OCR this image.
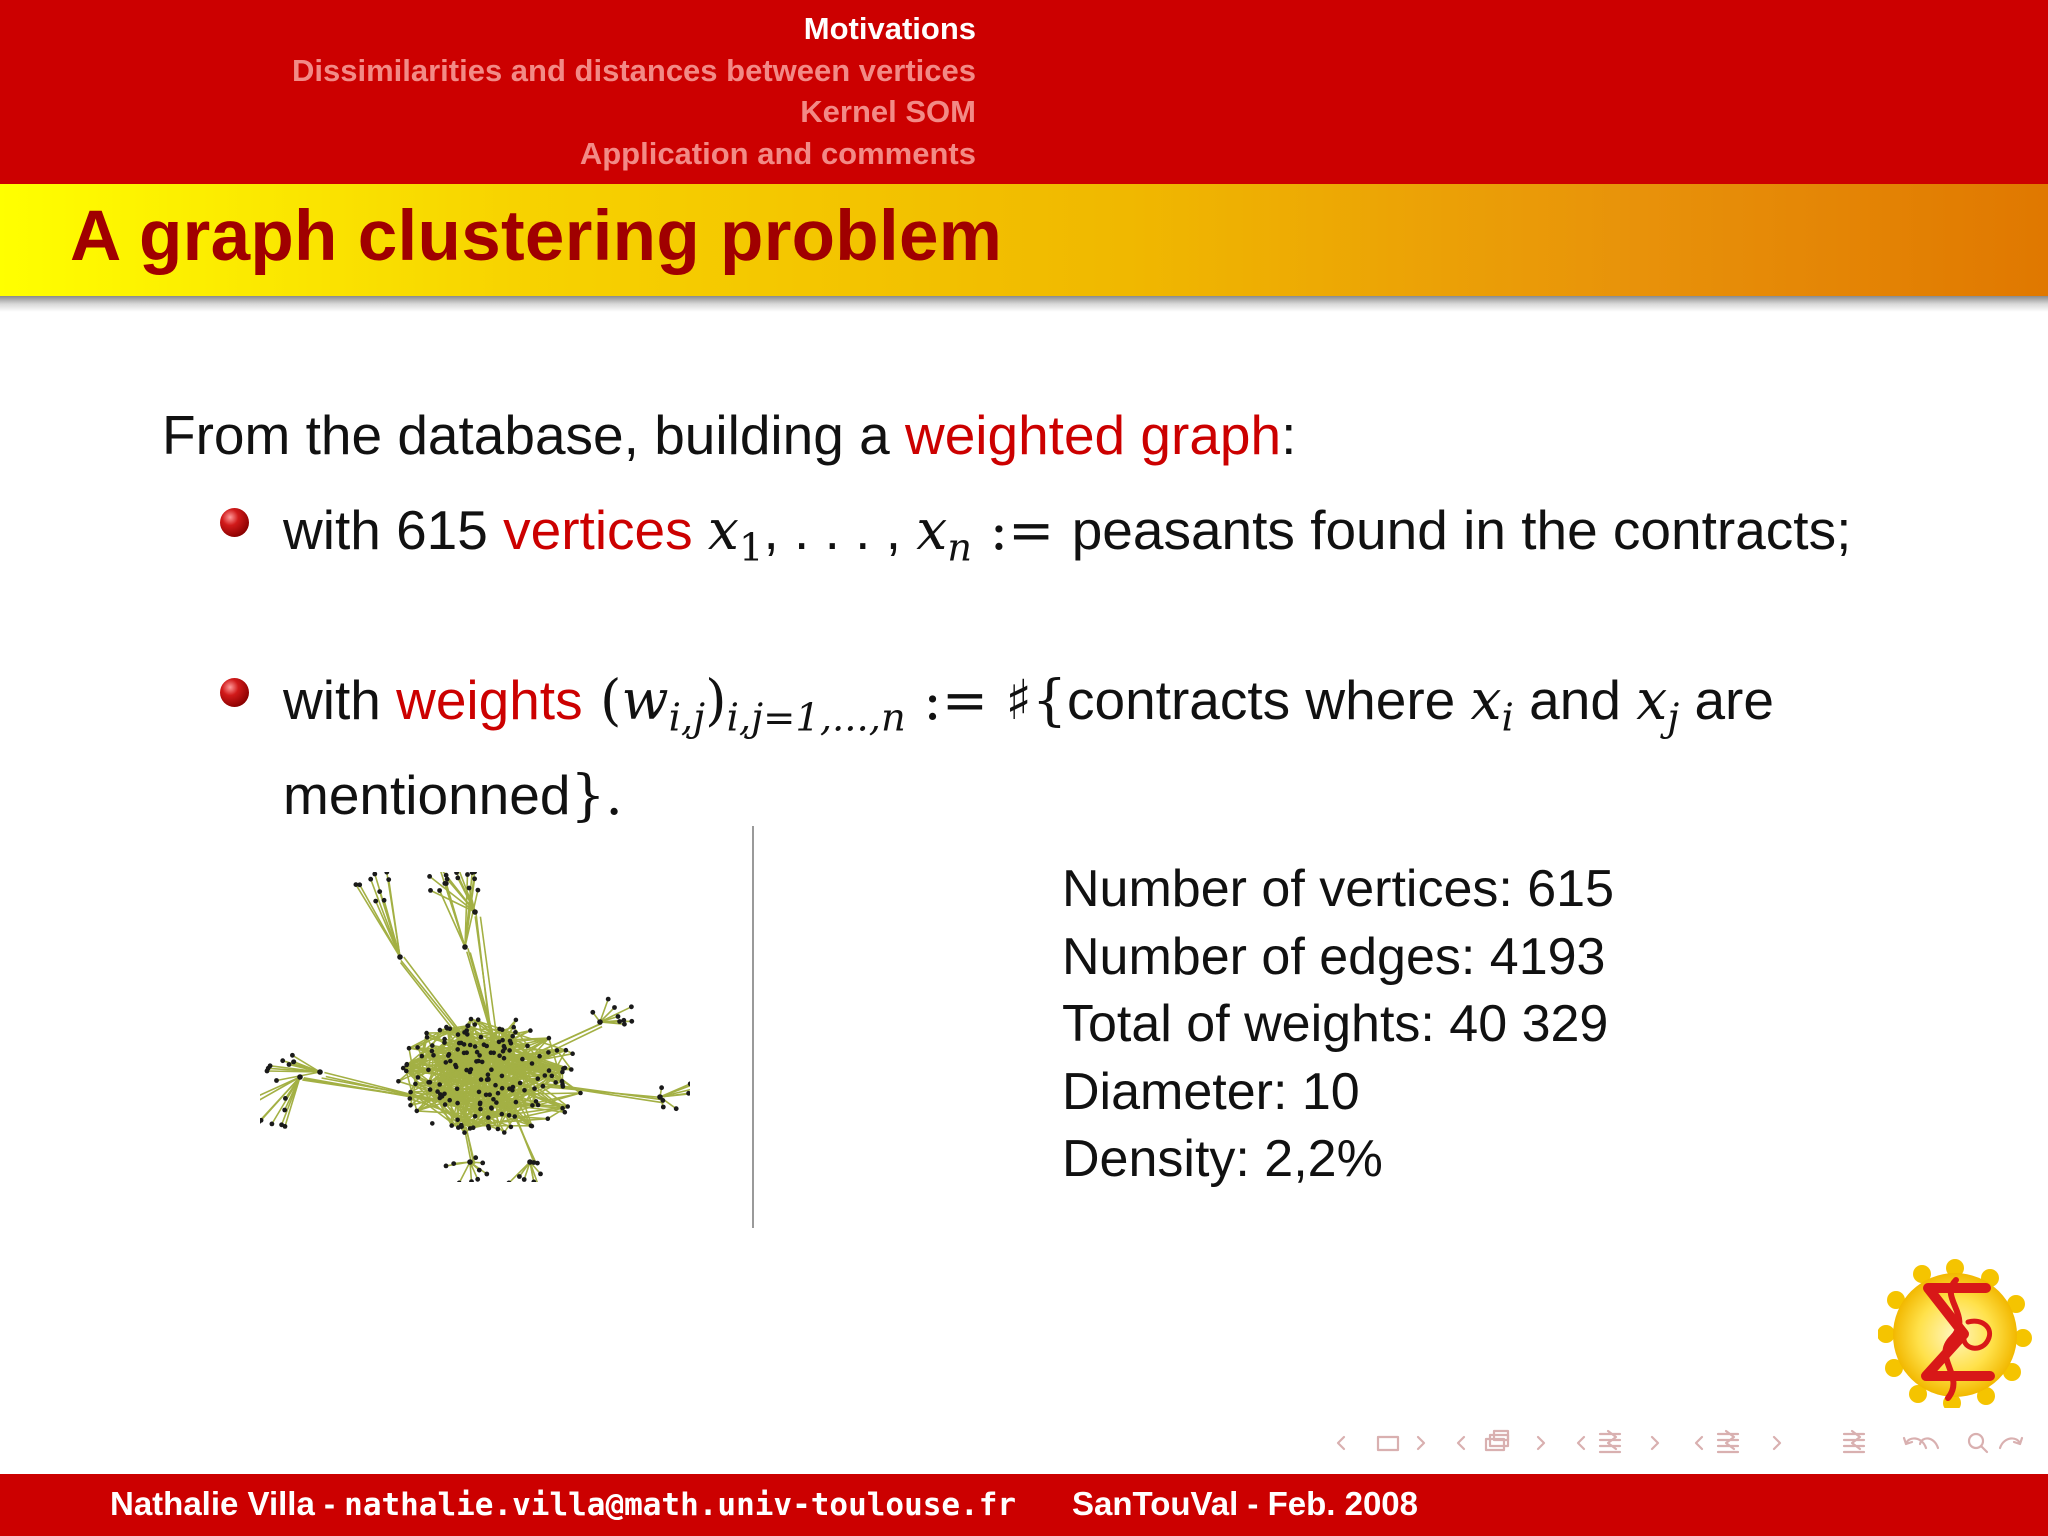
Motivations
Dissimilarities and distances between vertices
Kernel SOM
Application and comments
A graph clustering problem
From the database, building a weighted graph:
with 615 vertices $x_1$, . . . , $x_n$ := peasants found in the contracts;
with weights $(w_{i,j})_{i,j=1,...,n}$ := ♯{contracts where $x_i$ and $x_j$ are mentionned}.
Number of vertices: 615
Number of edges: 4193
Total of weights: 40 329
Diameter: 10
Density: 2,2%
Nathalie Villa - nathalie.villa@math.univ-toulouse.fr SanTouVal - Feb. 2008
